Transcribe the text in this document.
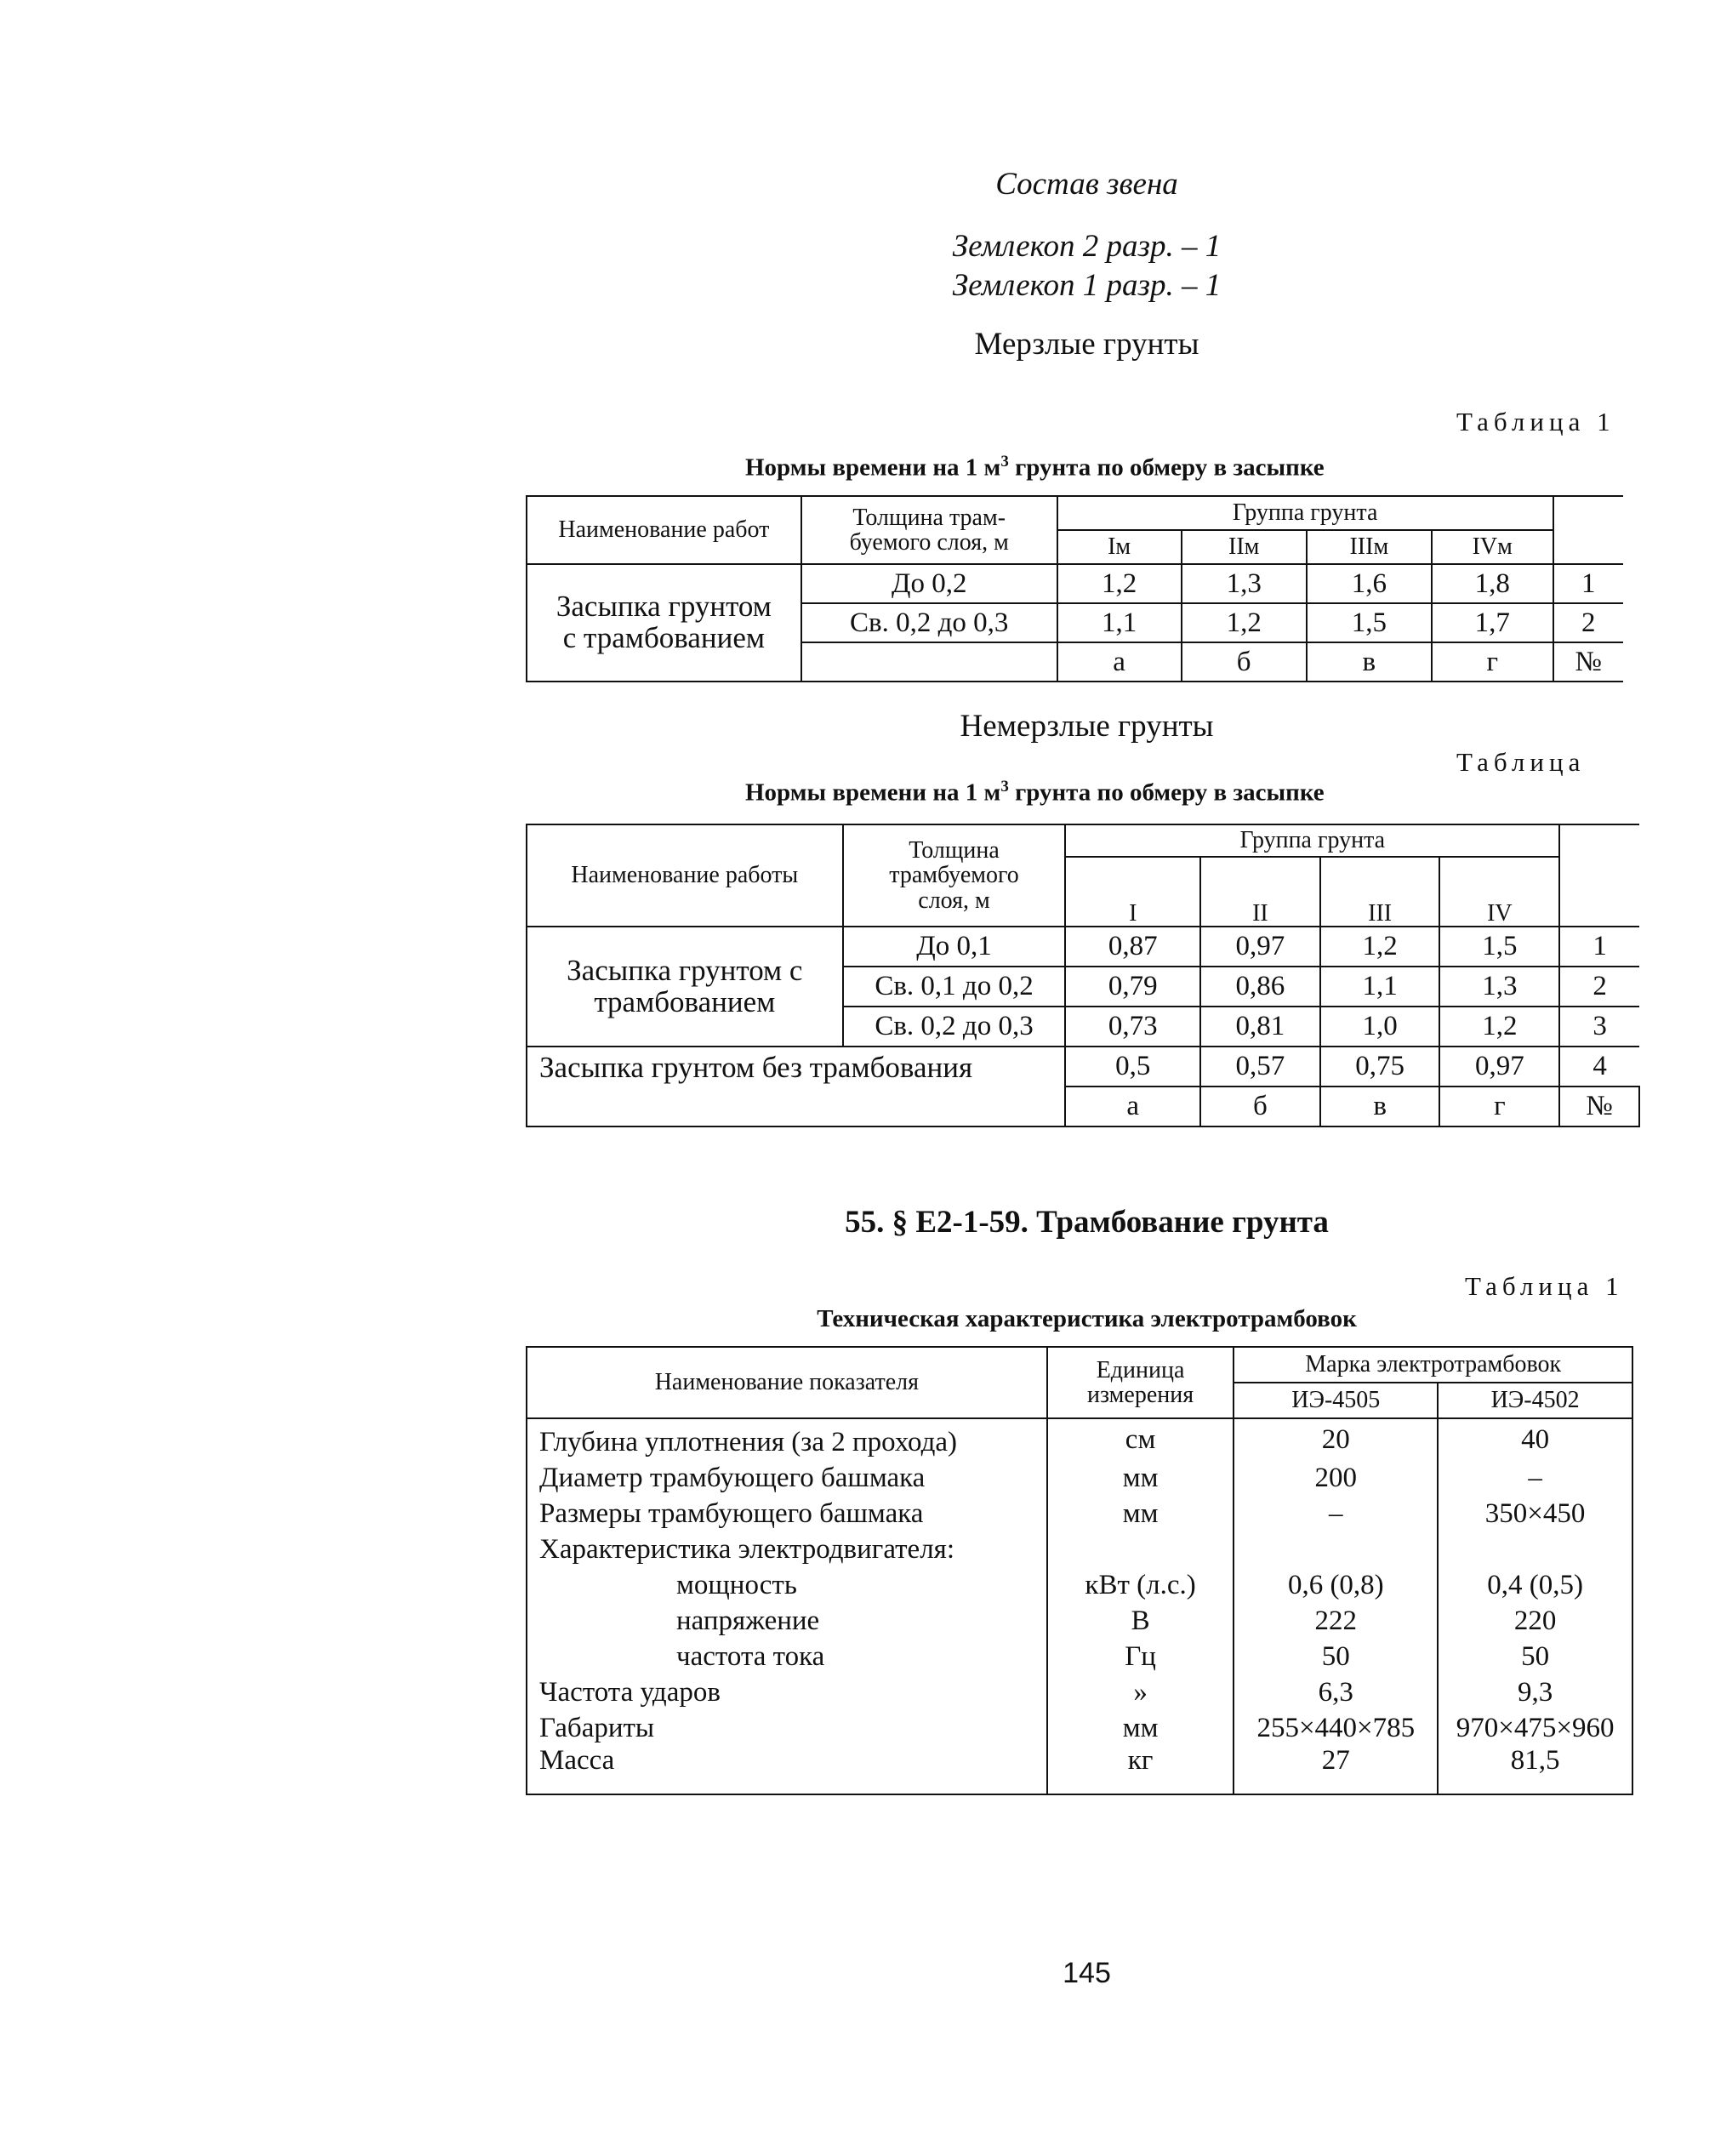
Состав звена
Землекоп 2 разр. – 1
Землекоп 1 разр. – 1
Мерзлые грунты
Таблица 1
Нормы времени на 1 $м^3$ грунта по обмеру в засыпке
Наименование работ	Толщина трам-буемого слоя, м	Группа грунта				
		Iм	IIм	IIIм	IVм	
Засыпка грунтом с трамбованием	До 0,2	1,2	1,3	1,6	1,8	1
	Св. 0,2 до 0,3	1,1	1,2	1,5	1,7	2
		а	б	в	г	№
Немерзлые грунты
Таблица
Нормы времени на 1 $м^3$ грунта по обмеру в засыпке
Наименование работы	Толщина трамбуемого слоя, м	Группа грунта				
		I	II	III	IV	
Засыпка грунтом с трамбованием	До 0,1	0,87	0,97	1,2	1,5	1
	Св. 0,1 до 0,2	0,79	0,86	1,1	1,3	2
	Св. 0,2 до 0,3	0,73	0,81	1,0	1,2	3
Засыпка грунтом без трамбования		0,5	0,57	0,75	0,97	4
		а	б	в	г	№
55. § Е2-1-59. Трамбование грунта
Таблица 1
Техническая характеристика электротрамбовок
Наименование показателя	Единица измерения	Марка электротрамбовок	
		ИЭ-4505	ИЭ-4502
Глубина уплотнения (за 2 прохода)	см	20	40
Диаметр трамбующего башмака	мм	200	–
Размеры трамбующего башмака	мм	–	350×450
Характеристика электродвигателя:			
мощность	кВт (л.с.)	0,6 (0,8)	0,4 (0,5)
напряжение	В	222	220
частота тока	Гц	50	50
Частота ударов	»	6,3	9,3
Габариты	мм	255×440×785	970×475×960
Масса	кг	27	81,5
145
